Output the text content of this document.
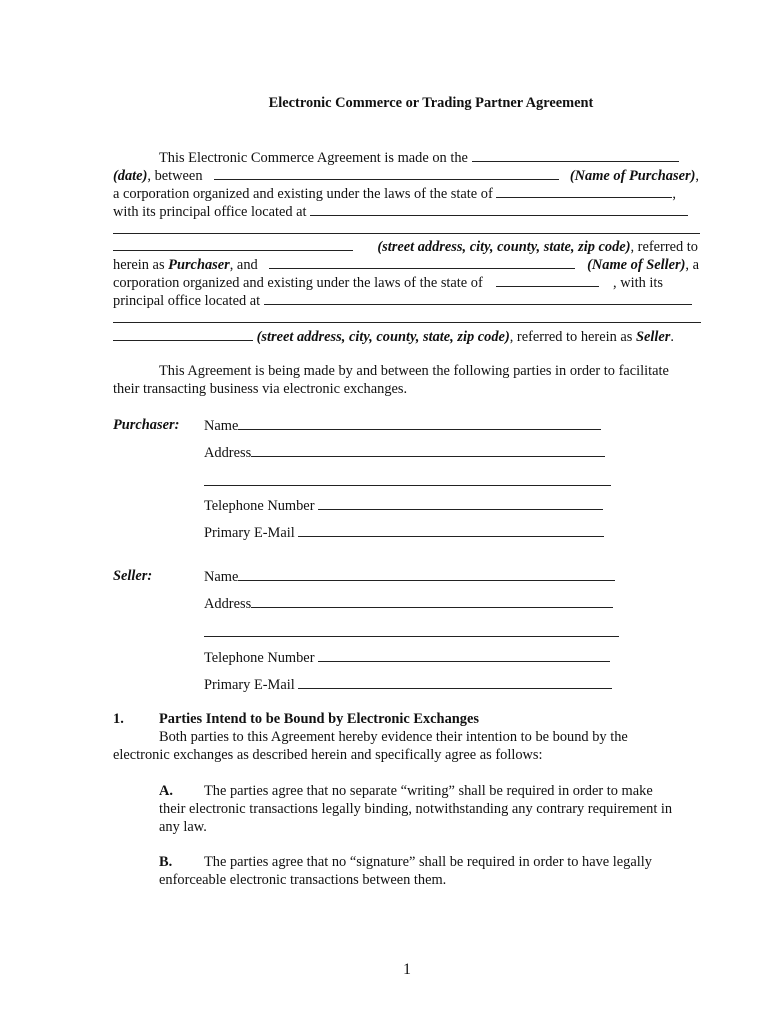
Electronic Commerce or Trading Partner Agreement
This Electronic Commerce Agreement is made on the
(date), between	(Name of Purchaser),
a corporation organized and existing under the laws of the state of	,
with its principal office located at
(street address, city, county, state, zip code), referred to
herein as Purchaser, and	(Name of Seller), a
corporation organized and existing under the laws of the state of	, with its
principal office located at
(street address, city, county, state, zip code), referred to herein as Seller.
This Agreement is being made by and between the following parties in order to facilitate
their transacting business via electronic exchanges.
Purchaser: Name
Address
Telephone Number
Primary E-Mail
Seller:	Name
Address
Telephone Number
Primary E-Mail
1. Parties Intend to be Bound by Electronic Exchanges
Both parties to this Agreement hereby evidence their intention to be bound by the
electronic exchanges as described herein and specifically agree as follows:
A. The parties agree that no separate “writing” shall be required in order to make
their electronic transactions legally binding, notwithstanding any contrary requirement in
any law.
B. The parties agree that no “signature” shall be required in order to have legally
enforceable electronic transactions between them.
1
